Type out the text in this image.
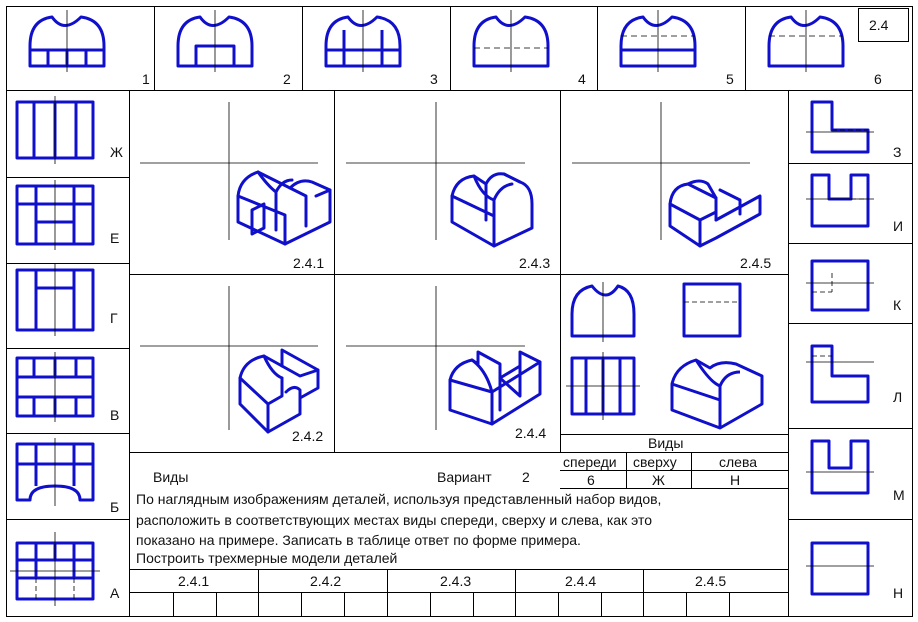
2.4
1	2	3	4	5	6
Ж
Е
Г
В
Б
А
З
И
К
Л
М
Н
2.4.1	2.4.3	2.4.5
2.4.2	2.4.4
Виды
спереди сверху	слева
6	Ж	Н
Виды	Вариант 2
По наглядным изображениям деталей, используя представленный набор видов,
расположить в соответствующих местах виды спереди, сверху и слева, как это
показано на примере. Записать в таблице ответ по форме примера.
Построить трехмерные модели деталей
2.4.1	2.4.2	2.4.3	2.4.4	2.4.5
